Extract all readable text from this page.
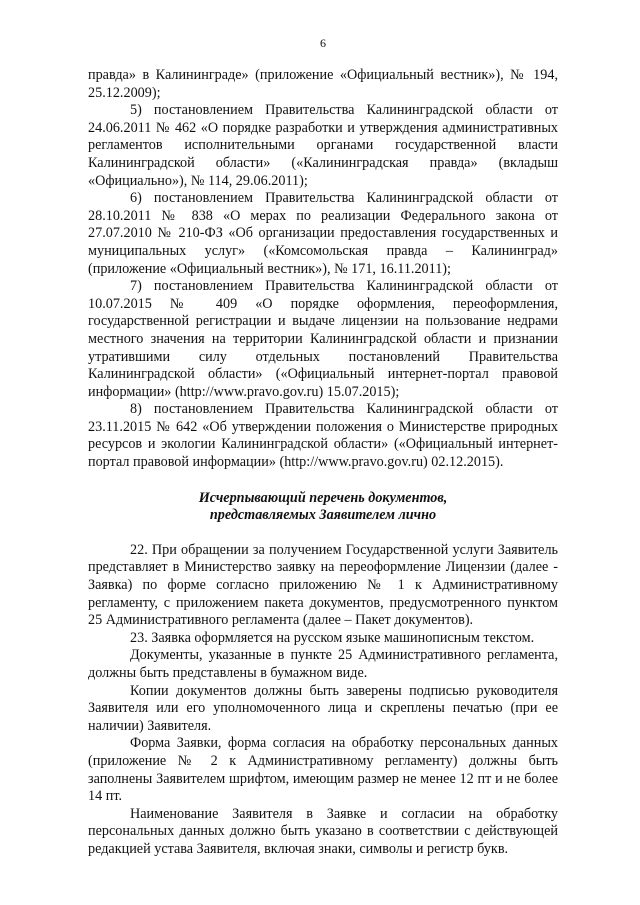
6

правда» в Калининграде» (приложение «Официальный вестник»), № 194, 25.12.2009);

5) постановлением Правительства Калининградской области от 24.06.2011 № 462 «О порядке разработки и утверждения административных регламентов исполнительными органами государственной власти Калининградской области» («Калининградская правда» (вкладыш «Официально»), № 114, 29.06.2011);

6) постановлением Правительства Калининградской области от 28.10.2011 № 838 «О мерах по реализации Федерального закона от 27.07.2010 № 210-ФЗ «Об организации предоставления государственных и муниципальных услуг» («Комсомольская правда – Калининград» (приложение «Официальный вестник»), № 171, 16.11.2011);

7) постановлением Правительства Калининградской области от 10.07.2015 № 409 «О порядке оформления, переоформления, государственной регистрации и выдаче лицензии на пользование недрами местного значения на территории Калининградской области и признании утратившими силу отдельных постановлений Правительства Калининградской области» («Официальный интернет-портал правовой информации» (http://www.pravo.gov.ru) 15.07.2015);

8) постановлением Правительства Калининградской области от 23.11.2015 № 642 «Об утверждении положения о Министерстве природных ресурсов и экологии Калининградской области» («Официальный интернет-портал правовой информации» (http://www.pravo.gov.ru) 02.12.2015).

Исчерпывающий перечень документов,
представляемых Заявителем лично

22. При обращении за получением Государственной услуги Заявитель представляет в Министерство заявку на переоформление Лицензии (далее - Заявка) по форме согласно приложению № 1 к Административному регламенту, с приложением пакета документов, предусмотренного пунктом 25 Административного регламента (далее – Пакет документов).

23. Заявка оформляется на русском языке машинописным текстом.

Документы, указанные в пункте 25 Административного регламента, должны быть представлены в бумажном виде.

Копии документов должны быть заверены подписью руководителя Заявителя или его уполномоченного лица и скреплены печатью (при ее наличии) Заявителя.

Форма Заявки, форма согласия на обработку персональных данных (приложение № 2 к Административному регламенту) должны быть заполнены Заявителем шрифтом, имеющим размер не менее 12 пт и не более 14 пт.

Наименование Заявителя в Заявке и согласии на обработку персональных данных должно быть указано в соответствии с действующей редакцией устава Заявителя, включая знаки, символы и регистр букв.
